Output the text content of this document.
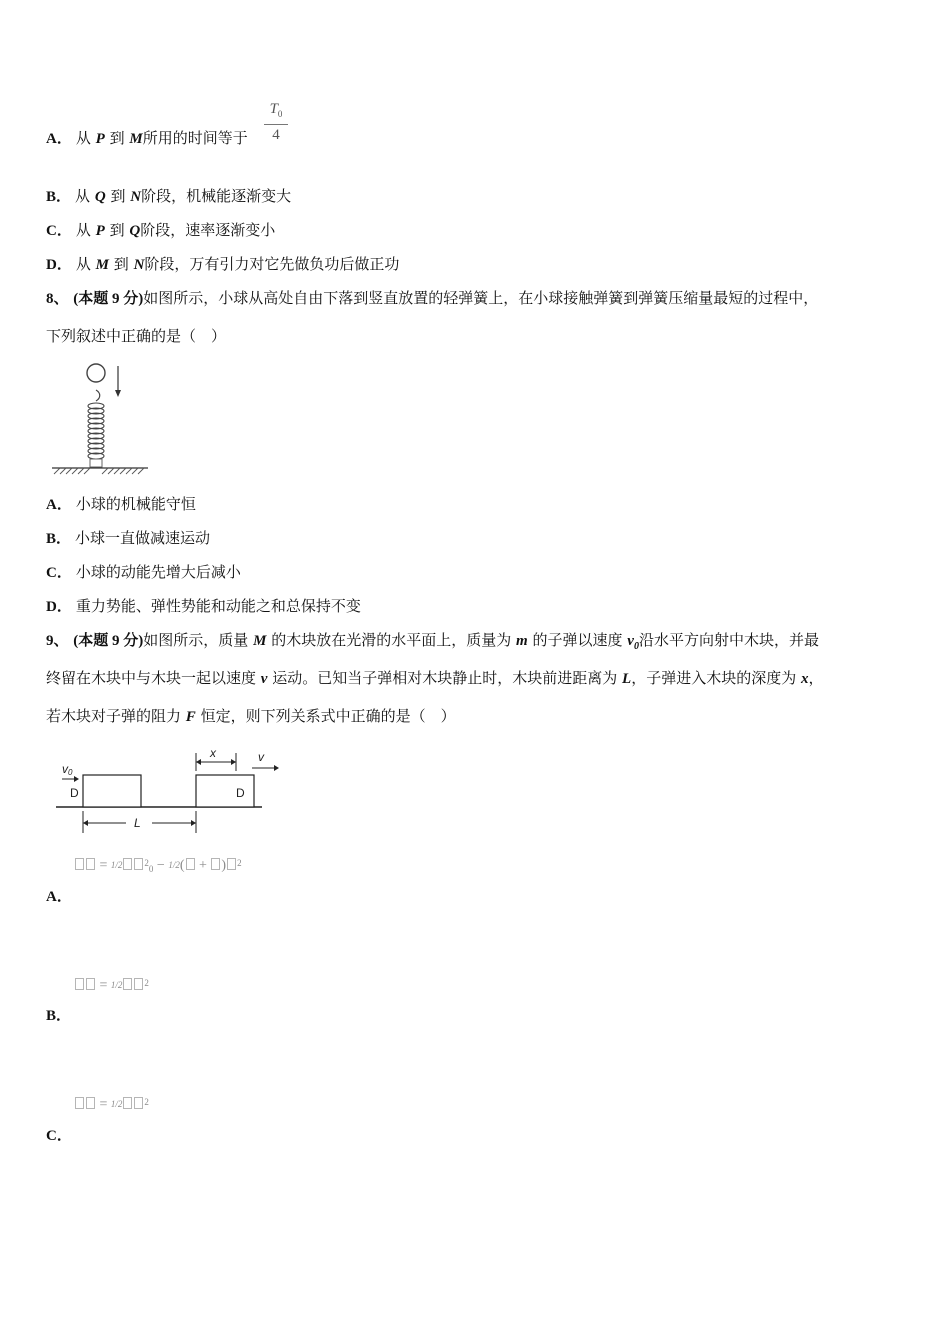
A． 从 P 到 M所用的时间等于
$T_0$
4
B． 从 Q 到 N阶段，机械能逐渐变大
C． 从 P 到 Q阶段，速率逐渐变小
D． 从 M 到 N阶段，万有引力对它先做负功后做正功
8、 (本题 9 分)如图所示，小球从高处自由下落到竖直放置的轻弹簧上，在小球接触弹簧到弹簧压缩量最短的过程中，
下列叙述中正确的是（　）
A． 小球的机械能守恒
B． 小球一直做减速运动
C． 小球的动能先增大后减小
D． 重力势能、弹性势能和动能之和总保持不变
9、 (本题 9 分)如图所示，质量 M 的木块放在光滑的水平面上，质量为 m 的子弹以速度 $v_0$沿水平方向射中木块，并最
终留在木块中与木块一起以速度 v 运动。已知当子弹相对木块静止时，木块前进距离为 L，子弹进入木块的深度为 x，
若木块对子弹的阻力 F 恒定，则下列关系式中正确的是（　）
v0
D	D
x	v
L
= 1/2 $^2$0 − 1/2( + ) $^2$
A．
= 1/2 $^2$
B．
= 1/2 $^2$
C．
